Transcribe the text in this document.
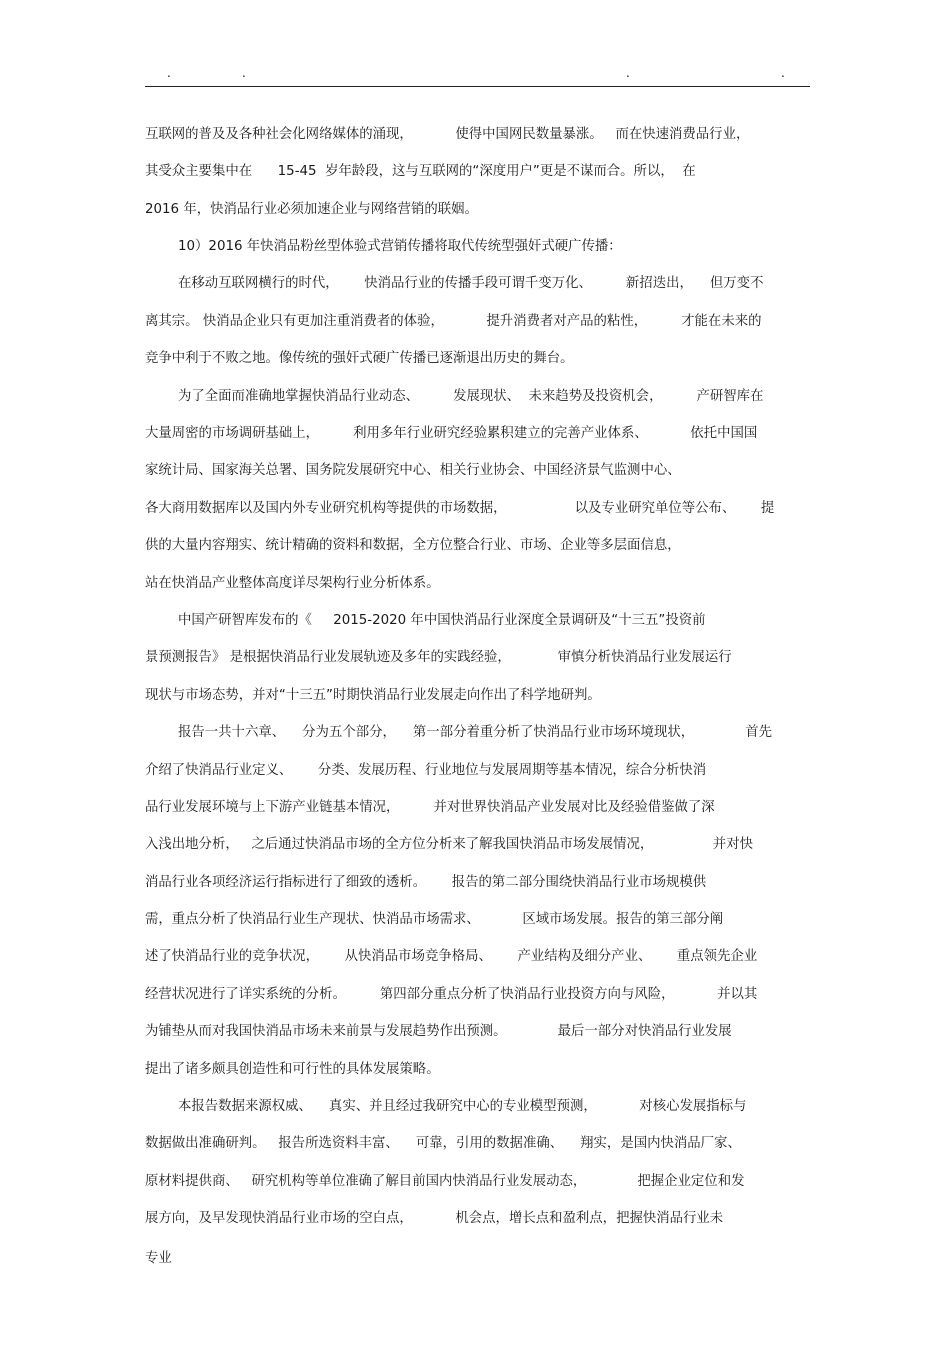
.	.	.	.
互联网的普及及各种社会化网络媒体的涌现，          使得中国网民数量暴涨。   而在快速消费品行业，
其受众主要集中在      15-45  岁年龄段，这与互联网的“深度用户”更是不谋而合。所以，  在
2016 年，快消品行业必须加速企业与网络营销的联姻。
10）2016 年快消品粉丝型体验式营销传播将取代传统型强奸式硬广传播：
在移动互联网横行的时代，      快消品行业的传播手段可谓千变万化、        新招迭出，    但万变不
离其宗。 快消品企业只有更加注重消费者的体验，          提升消费者对产品的粘性，        才能在未来的
竞争中利于不败之地。像传统的强奸式硬广传播已逐渐退出历史的舞台。
为了全面而准确地掌握快消品行业动态、        发展现状、  未来趋势及投资机会，        产研智库在
大量周密的市场调研基础上，        利用多年行业研究经验累积建立的完善产业体系、          依托中国国
家统计局、国家海关总署、国务院发展研究中心、相关行业协会、中国经济景气监测中心、
各大商用数据库以及国内外专业研究机构等提供的市场数据，                以及专业研究单位等公布、      提
供的大量内容翔实、统计精确的资料和数据，全方位整合行业、市场、企业等多层面信息，
站在快消品产业整体高度详尽架构行业分析体系。
中国产研智库发布的《     2015-2020 年中国快消品行业深度全景调研及“十三五”投资前
景预测报告》 是根据快消品行业发展轨迹及多年的实践经验，           审慎分析快消品行业发展运行
现状与市场态势，并对“十三五”时期快消品行业发展走向作出了科学地研判。
报告一共十六章、    分为五个部分，    第一部分着重分析了快消品行业市场环境现状，            首先
介绍了快消品行业定义、      分类、发展历程、行业地位与发展周期等基本情况，综合分析快消
品行业发展环境与上下游产业链基本情况，        并对世界快消品产业发展对比及经验借鉴做了深
入浅出地分析，   之后通过快消品市场的全方位分析来了解我国快消品市场发展情况，              并对快
消品行业各项经济运行指标进行了细致的透析。      报告的第二部分围绕快消品行业市场规模供
需，重点分析了快消品行业生产现状、快消品市场需求、          区域市场发展。报告的第三部分阐
述了快消品行业的竞争状况，      从快消品市场竞争格局、      产业结构及细分产业、      重点领先企业
经营状况进行了详实系统的分析。        第四部分重点分析了快消品行业投资方向与风险，          并以其
为铺垫从而对我国快消品市场未来前景与发展趋势作出预测。            最后一部分对快消品行业发展
提出了诸多颇具创造性和可行性的具体发展策略。
本报告数据来源权威、    真实、并且经过我研究中心的专业模型预测，          对核心发展指标与
数据做出准确研判。   报告所选资料丰富、    可靠，引用的数据准确、    翔实，是国内快消品厂家、
原材料提供商、   研究机构等单位准确了解目前国内快消品行业发展动态，            把握企业定位和发
展方向，及早发现快消品行业市场的空白点，          机会点，增长点和盈利点，把握快消品行业未
专业
